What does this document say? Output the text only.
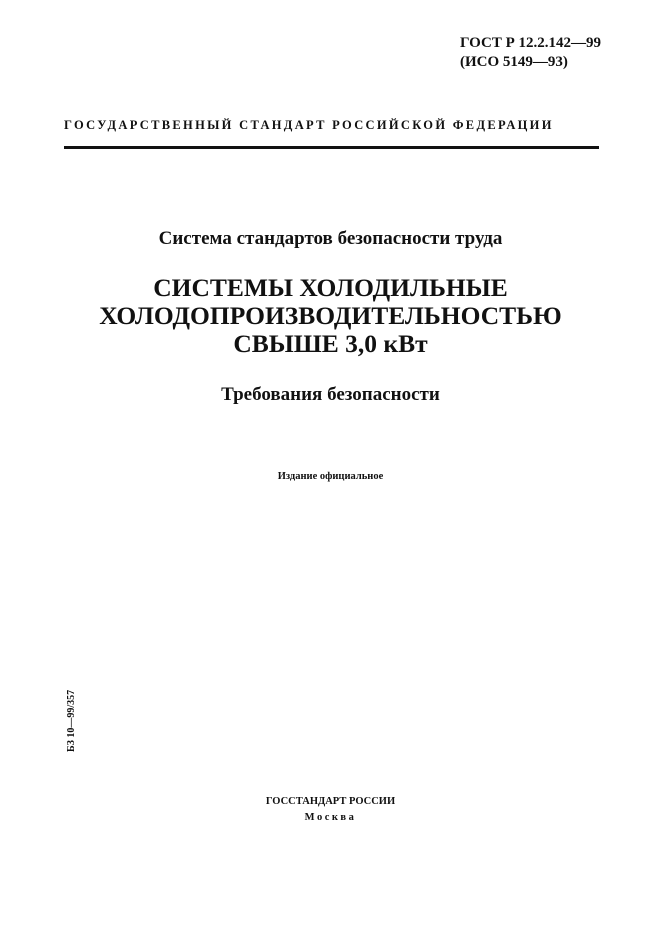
ГОСТ Р 12.2.142—99
(ИСО 5149—93)
ГОСУДАРСТВЕННЫЙ СТАНДАРТ РОССИЙСКОЙ ФЕДЕРАЦИИ
Система стандартов безопасности труда
СИСТЕМЫ ХОЛОДИЛЬНЫЕ
ХОЛОДОПРОИЗВОДИТЕЛЬНОСТЬЮ
СВЫШЕ 3,0 кВт
Требования безопасности
Издание официальное
БЗ 10—99/357
ГОССТАНДАРТ РОССИИ
Москва
